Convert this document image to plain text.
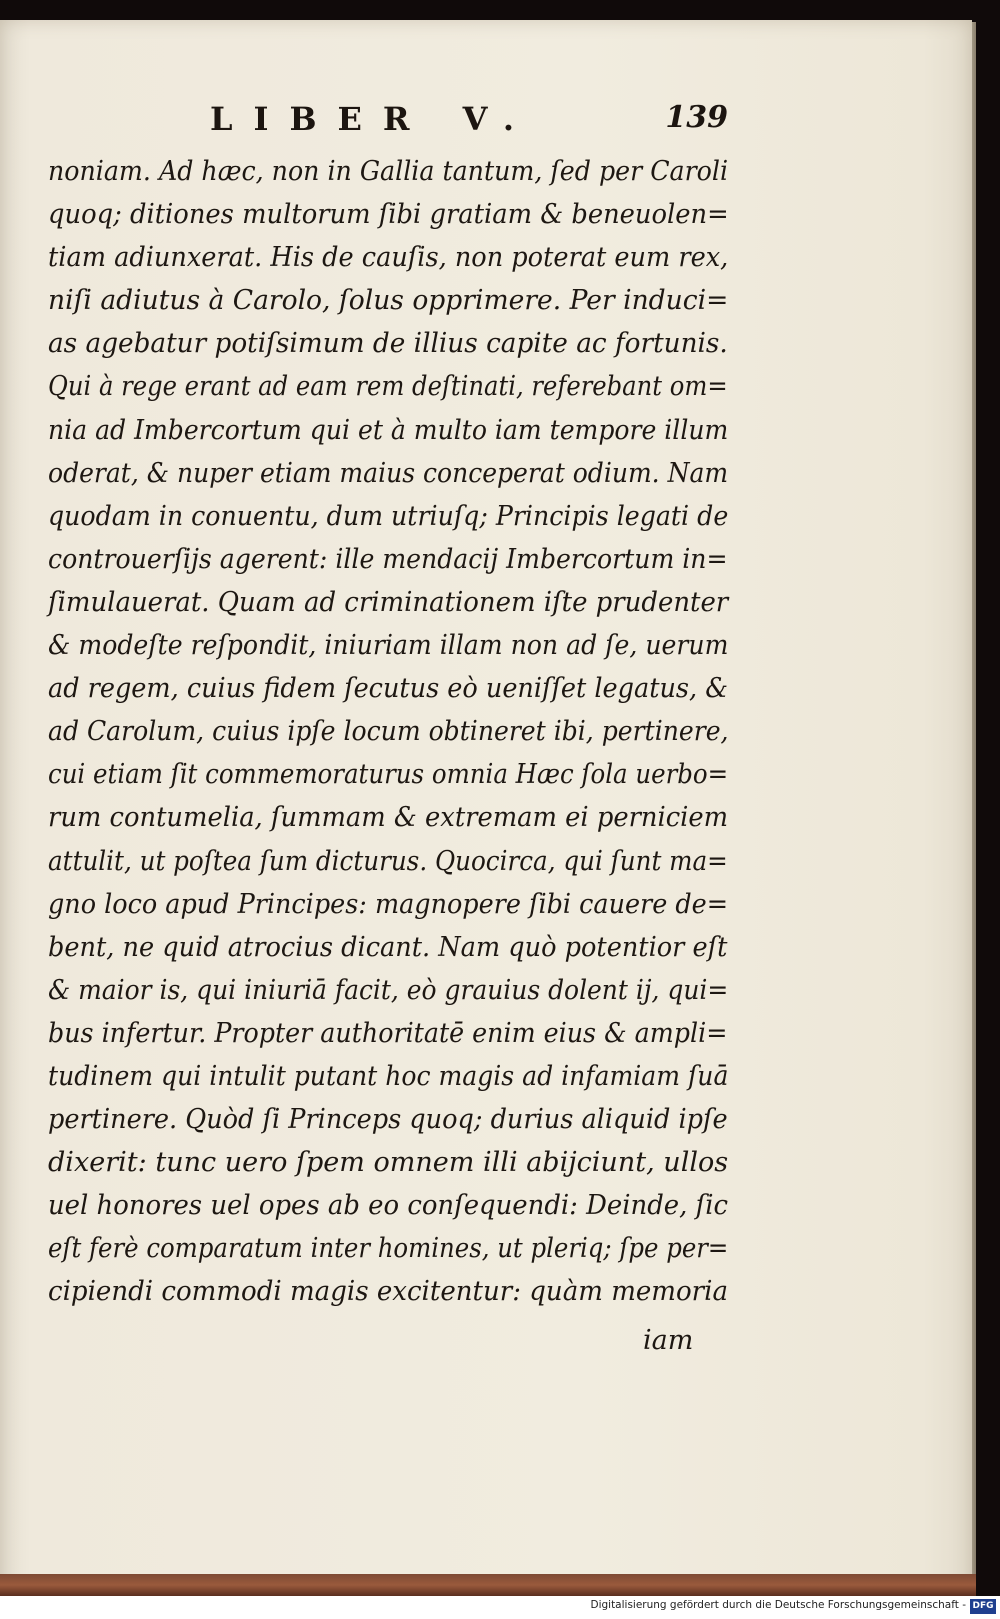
LIBER V.	139
noniam. Ad hæc, non in Gallia tantum, ſed per Caroli
quoq; ditiones multorum ſibi gratiam & beneuolen=
tiam adiunxerat. His de cauſis, non poterat eum rex,
niſi adiutus à Carolo, ſolus opprimere. Per induci=
as agebatur potiſsimum de illius capite ac fortunis.
Qui à rege erant ad eam rem deſtinati, referebant om=
nia ad Imbercortum qui et à multo iam tempore illum
oderat, & nuper etiam maius conceperat odium. Nam
quodam in conuentu, dum utriuſq; Principis legati de
controuerſijs agerent: ille mendacij Imbercortum in=
ſimulauerat. Quam ad criminationem iſte prudenter
& modeſte reſpondit, iniuriam illam non ad ſe, uerum
ad regem, cuius fidem ſecutus eò ueniſſet legatus, &
ad Carolum, cuius ipſe locum obtineret ibi, pertinere,
cui etiam ſit commemoraturus omnia Hæc ſola uerbo=
rum contumelia, ſummam & extremam ei perniciem
attulit, ut poſtea ſum dicturus. Quocirca, qui ſunt ma=
gno loco apud Principes: magnopere ſibi cauere de=
bent, ne quid atrocius dicant. Nam quò potentior eſt
& maior is, qui iniuriā facit, eò grauius dolent ij, qui=
bus infertur. Propter authoritatē enim eius & ampli=
tudinem qui intulit putant hoc magis ad infamiam ſuā
pertinere. Quòd ſi Princeps quoq; durius aliquid ipſe
dixerit: tunc uero ſpem omnem illi abijciunt, ullos
uel honores uel opes ab eo conſequendi: Deinde, ſic
eſt ferè comparatum inter homines, ut pleriq; ſpe per=
cipiendi commodi magis excitentur: quàm memoria
iam
Digitalisierung gefördert durch die Deutsche Forschungsgemeinschaft - DFG
